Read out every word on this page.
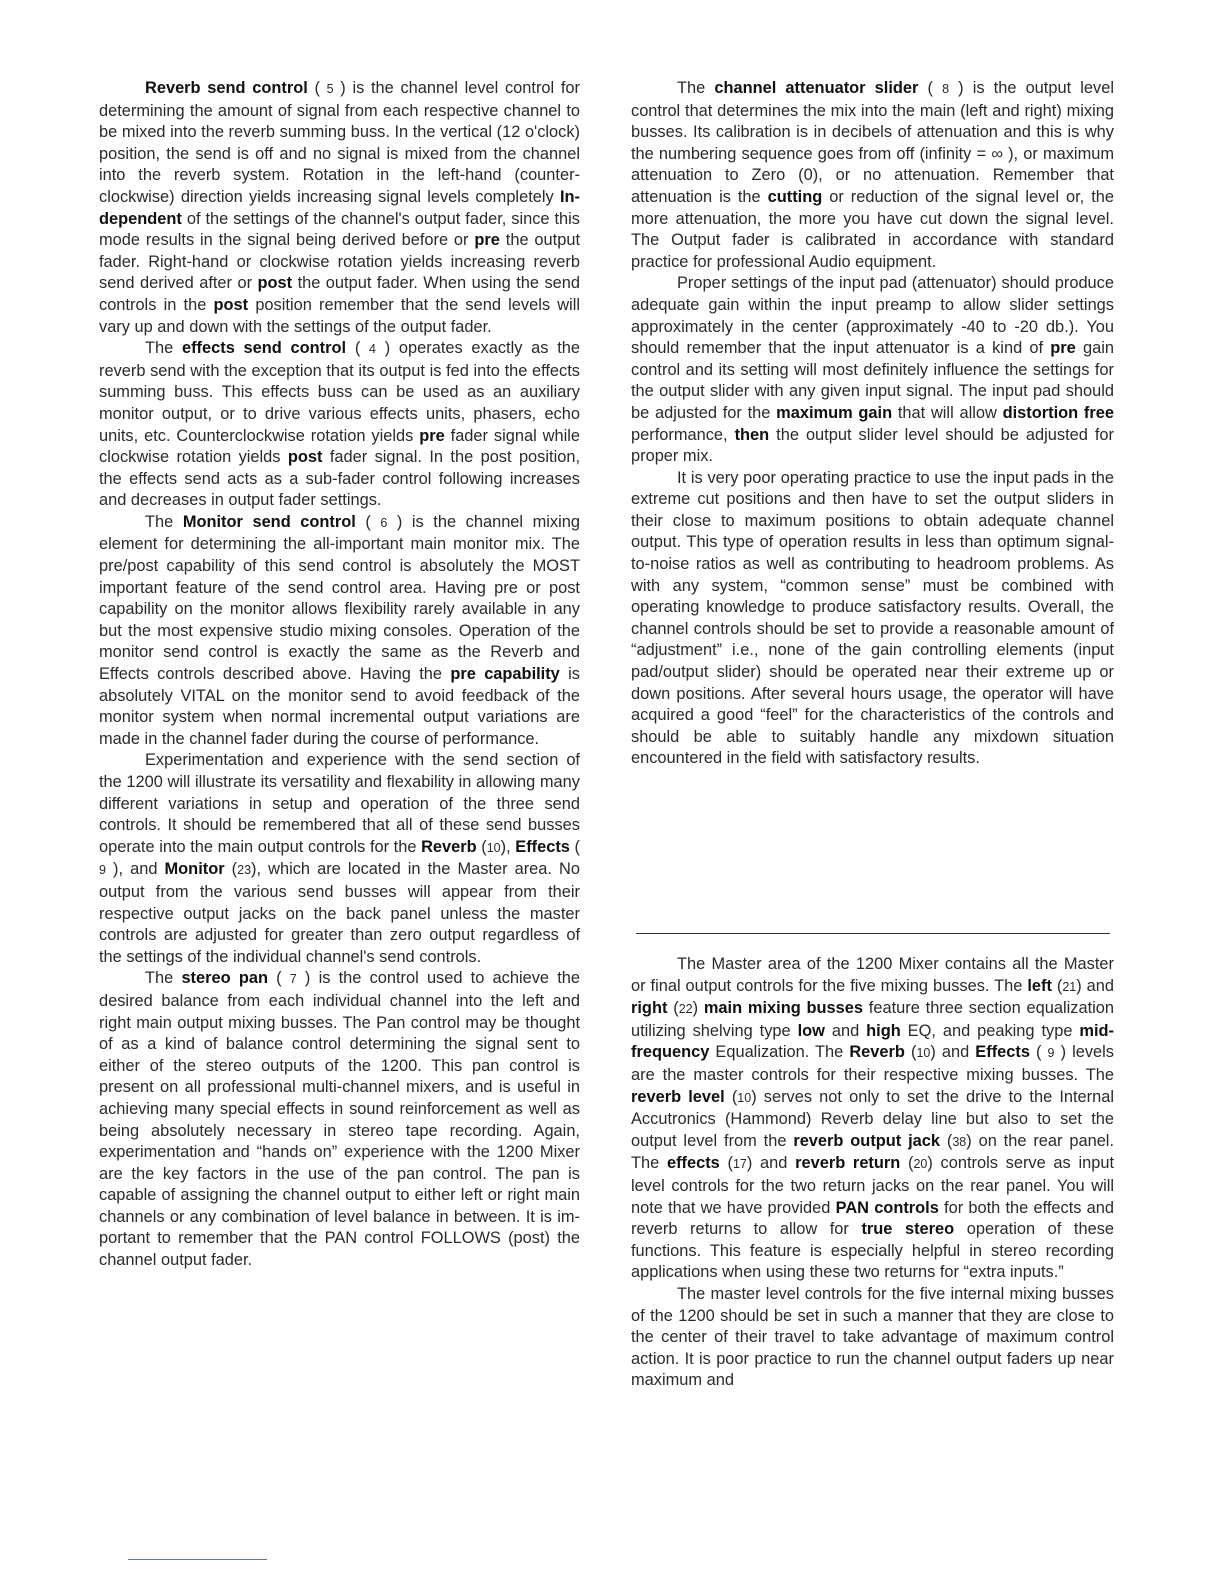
Reverb send control ( 5 ) is the channel level control for determining the amount of signal from each respective channel to be mixed into the reverb summing buss. In the vertical (12 o'clock) position, the send is off and no signal is mixed from the channel into the reverb system. Rotation in the left-hand (counter-clockwise) direction yields increasing signal levels completely Independent of the settings of the channel's output fader, since this mode results in the signal being derived before or pre the output fader. Right-hand or clockwise rotation yields increasing reverb send derived after or post the output fader. When using the send controls in the post position remember that the send levels will vary up and down with the settings of the output fader.

The effects send control ( 4 ) operates exactly as the reverb send with the exception that its output is fed into the effects summing buss. This effects buss can be used as an auxiliary monitor output, or to drive various effects units, phasers, echo units, etc. Counterclockwise rotation yields pre fader signal while clockwise rotation yields post fader signal. In the post position, the effects send acts as a sub-fader control following increases and decreases in output fader settings.

The Monitor send control ( 6 ) is the channel mixing element for determining the all-important main monitor mix. The pre/post capability of this send control is absolutely the MOST important feature of the send control area. Having pre or post capability on the monitor allows flexibility rarely available in any but the most expensive studio mixing consoles. Operation of the monitor send control is exactly the same as the Reverb and Effects controls described above. Having the pre capability is absolutely VITAL on the monitor send to avoid feedback of the monitor system when normal incremental output variations are made in the channel fader during the course of performance.

Experimentation and experience with the send section of the 1200 will illustrate its versatility and flexability in allowing many different variations in setup and operation of the three send controls. It should be remembered that all of these send busses operate into the main output controls for the Reverb (10), Effects ( 9 ), and Monitor (23), which are located in the Master area. No output from the various send busses will appear from their respective output jacks on the back panel unless the master controls are adjusted for greater than zero output regardless of the settings of the individual channel's send controls.

The stereo pan ( 7 ) is the control used to achieve the desired balance from each individual channel into the left and right main output mixing busses. The Pan control may be thought of as a kind of balance control determining the signal sent to either of the stereo outputs of the 1200. This pan control is present on all professional multi-channel mixers, and is useful in achieving many special effects in sound reinforcement as well as being absolutely necessary in stereo tape recording. Again, experimentation and “hands on” experience with the 1200 Mixer are the key factors in the use of the pan control. The pan is capable of assigning the channel output to either left or right main channels or any combination of level balance in between. It is important to remember that the PAN control FOLLOWS (post) the channel output fader.

The channel attenuator slider ( 8 ) is the output level control that determines the mix into the main (left and right) mixing busses. Its calibration is in decibels of attenuation and this is why the numbering sequence goes from off (infinity = ∞ ), or maximum attenuation to Zero (0), or no attenuation. Remember that attenuation is the cutting or reduction of the signal level or, the more attenuation, the more you have cut down the signal level. The Output fader is calibrated in accordance with standard practice for professional Audio equipment.

Proper settings of the input pad (attenuator) should produce adequate gain within the input preamp to allow slider settings approximately in the center (approximately -40 to -20 db.). You should remember that the input attenuator is a kind of pre gain control and its setting will most definitely influence the settings for the output slider with any given input signal. The input pad should be adjusted for the maximum gain that will allow distortion free performance, then the output slider level should be adjusted for proper mix.

It is very poor operating practice to use the input pads in the extreme cut positions and then have to set the output sliders in their close to maximum positions to obtain adequate channel output. This type of operation results in less than optimum signal-to-noise ratios as well as contributing to headroom problems. As with any system, “common sense” must be combined with operating knowledge to produce satisfactory results. Overall, the channel controls should be set to provide a reasonable amount of “adjustment” i.e., none of the gain controlling elements (input pad/output slider) should be operated near their extreme up or down positions. After several hours usage, the operator will have acquired a good “feel” for the characteristics of the controls and should be able to suitably handle any mixdown situation encountered in the field with satisfactory results.

The Master area of the 1200 Mixer contains all the Master or final output controls for the five mixing busses. The left (21) and right (22) main mixing busses feature three section equalization utilizing shelving type low and high EQ, and peaking type midfrequency Equalization. The Reverb (10) and Effects ( 9 ) levels are the master controls for their respective mixing busses. The reverb level (10) serves not only to set the drive to the Internal Accutronics (Hammond) Reverb delay line but also to set the output level from the reverb output jack (38) on the rear panel. The effects (17) and reverb return (20) controls serve as input level controls for the two return jacks on the rear panel. You will note that we have provided PAN controls for both the effects and reverb returns to allow for true stereo operation of these functions. This feature is especially helpful in stereo recording applications when using these two returns for “extra inputs.”

The master level controls for the five internal mixing busses of the 1200 should be set in such a manner that they are close to the center of their travel to take advantage of maximum control action. It is poor practice to run the channel output faders up near maximum and
